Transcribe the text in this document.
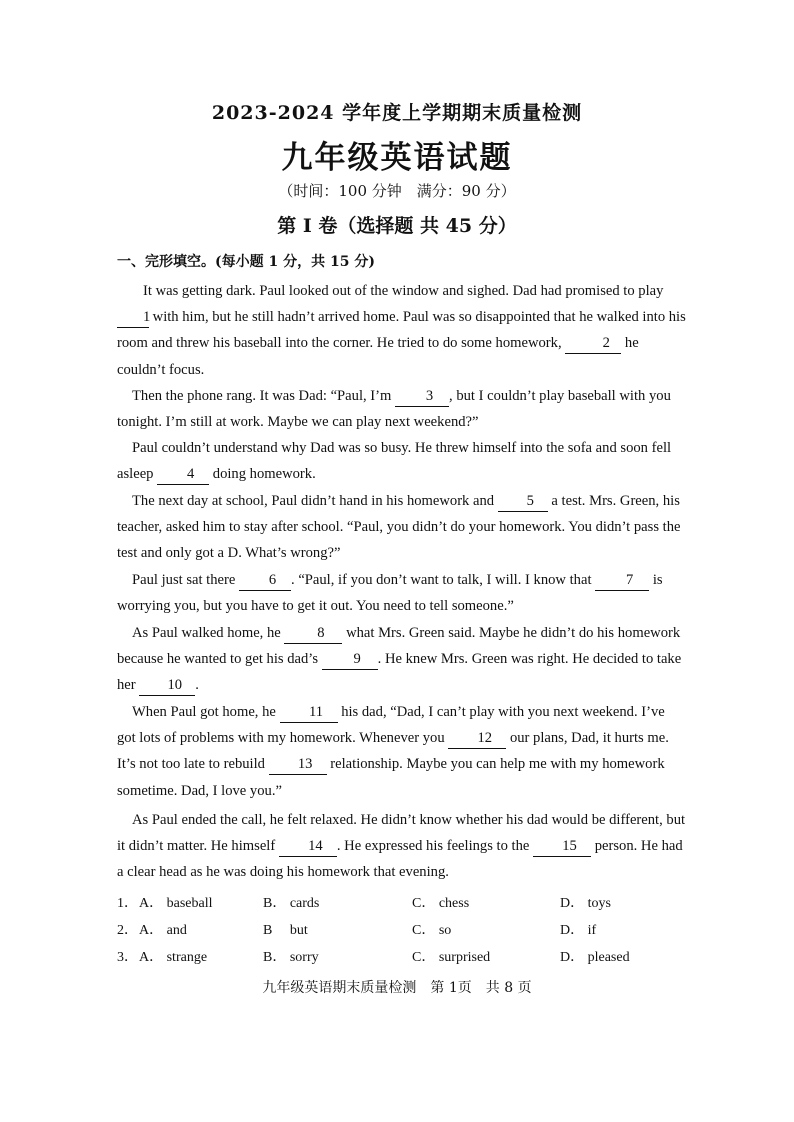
2023-2024 学年度上学期期末质量检测
九年级英语试题
（时间：100 分钟　满分：90 分）
第 I 卷（选择题 共 45 分）
一、完形填空。(每小题 1 分，共 15 分)

It was getting dark. Paul looked out of the window and sighed. Dad had promised to play 1 with him, but he still hadn’t arrived home. Paul was so disappointed that he walked into his room and threw his baseball into the corner. He tried to do some homework,	2 he couldn’t focus.

Then the phone rang. It was Dad: “Paul, I’m 3 , but I couldn’t play baseball with you tonight. I’m still at work. Maybe we can play next weekend?”

Paul couldn’t understand why Dad was so busy. He threw himself into the sofa and soon fell asleep 4 doing homework.

The next day at school, Paul didn’t hand in his homework and 5 a test. Mrs. Green, his teacher, asked him to stay after school. “Paul, you didn’t do your homework. You didn’t pass the test and only got a D. What’s wrong?”

Paul just sat there 6 . “Paul, if you don’t want to talk, I will. I know that 7 is worrying you, but you have to get it out. You need to tell someone.”

As Paul walked home, he	8 what Mrs. Green said. Maybe he didn’t do his homework because he wanted to get his dad’s 9 . He knew Mrs. Green was right. He decided to take her 10 .

When Paul got home, he 11 his dad, “Dad, I can’t play with you next weekend. I’ve got lots of problems with my homework. Whenever you 12 our plans, Dad, it hurts me. It’s not too late to rebuild 13 relationship. Maybe you can help me with my homework sometime. Dad, I love you.”

As Paul ended the call, he felt relaxed. He didn’t know whether his dad would be different, but it didn’t matter. He himself 14 . He expressed his feelings to the 15 person. He had a clear head as he was doing his homework that evening.

1． A． baseball	B． cards	C． chess	D． toys
2． A． and	B　 but	C． so	D． if
3． A． strange	B． sorry	C． surprised	D． pleased
九年级英语期末质量检测　第 1页　共 8 页
